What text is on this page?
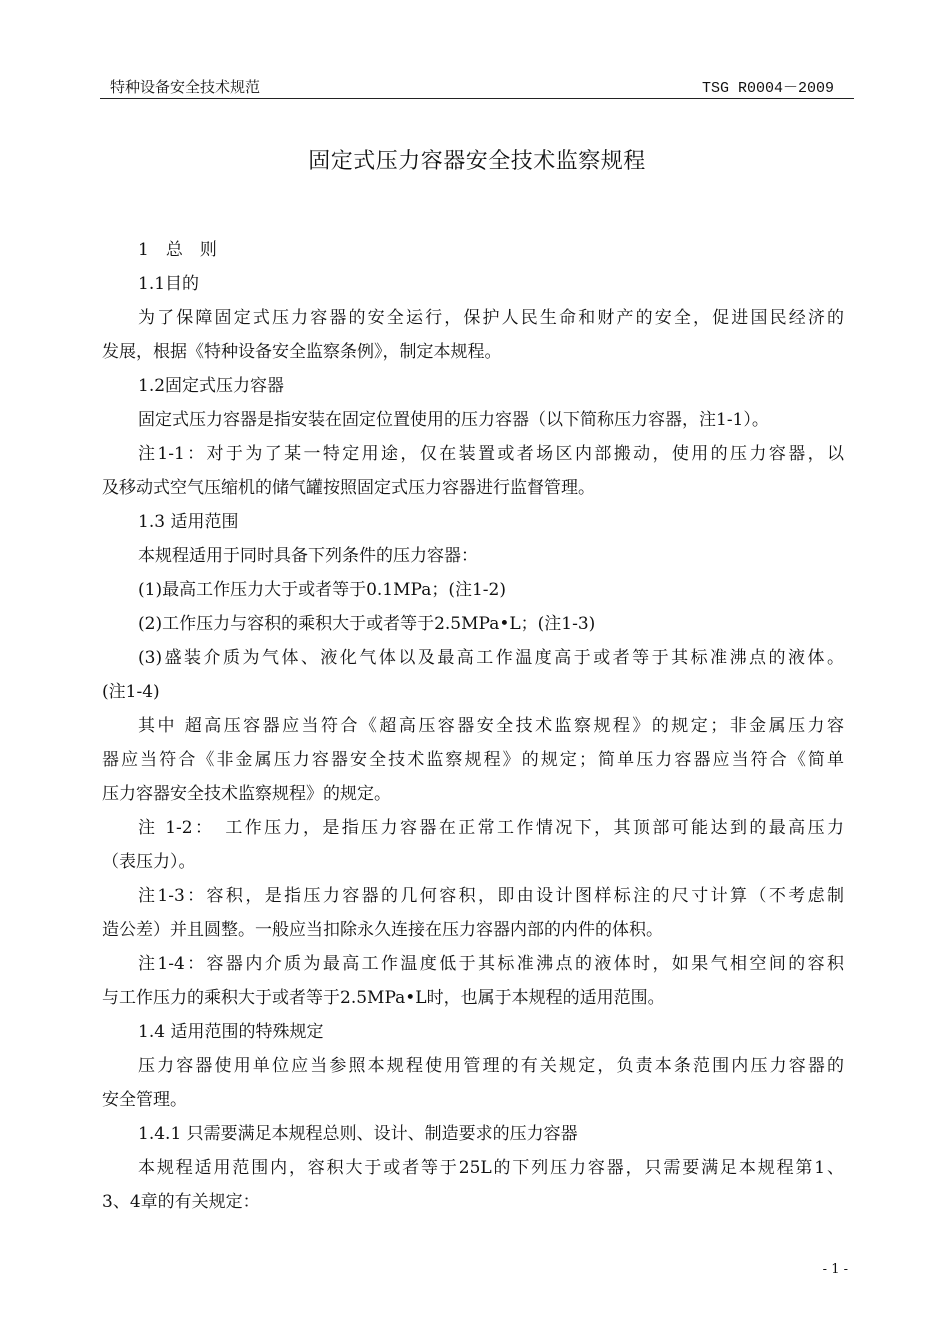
特种设备安全技术规范	TSG R0004－2009
固定式压力容器安全技术监察规程
1　总　则
1.1目的
为了保障固定式压力容器的安全运行，保护人民生命和财产的安全，促进国民经济的
发展，根据《特种设备安全监察条例》，制定本规程。
1.2固定式压力容器
固定式压力容器是指安装在固定位置使用的压力容器（以下简称压力容器，注1-1）。
注1-1：对于为了某一特定用途，仅在装置或者场区内部搬动，使用的压力容器，以
及移动式空气压缩机的储气罐按照固定式压力容器进行监督管理。
1.3 适用范围
本规程适用于同时具备下列条件的压力容器：
(1)最高工作压力大于或者等于0.1MPa；(注1-2)
(2)工作压力与容积的乘积大于或者等于2.5MPa•L；(注1-3)
(3)盛装介质为气体、液化气体以及最高工作温度高于或者等于其标准沸点的液体。
(注1-4)
其中 超高压容器应当符合《超高压容器安全技术监察规程》的规定；非金属压力容
器应当符合《非金属压力容器安全技术监察规程》的规定；简单压力容器应当符合《简单
压力容器安全技术监察规程》的规定。
注 1-2：　工作压力，是指压力容器在正常工作情况下，其顶部可能达到的最高压力
（表压力）。
注1-3：容积，是指压力容器的几何容积，即由设计图样标注的尺寸计算（不考虑制
造公差）并且圆整。一般应当扣除永久连接在压力容器内部的内件的体积。
注1-4：容器内介质为最高工作温度低于其标准沸点的液体时，如果气相空间的容积
与工作压力的乘积大于或者等于2.5MPa•L时，也属于本规程的适用范围。
1.4 适用范围的特殊规定
压力容器使用单位应当参照本规程使用管理的有关规定，负责本条范围内压力容器的
安全管理。
1.4.1 只需要满足本规程总则、设计、制造要求的压力容器
本规程适用范围内，容积大于或者等于25L的下列压力容器，只需要满足本规程第1、
3、4章的有关规定：
- 1 -
